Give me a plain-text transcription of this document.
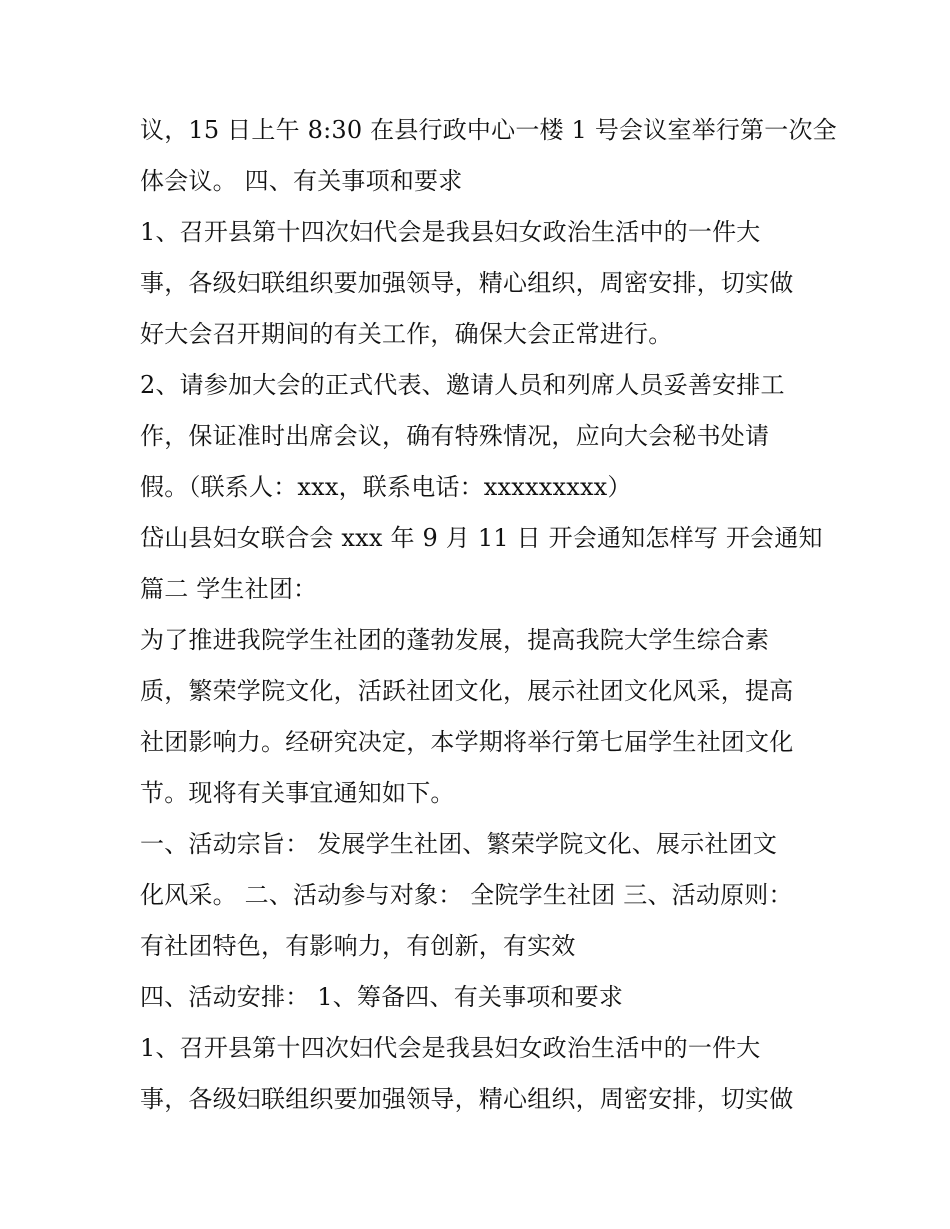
议，15 日上午 8:30 在县行政中心一楼 1 号会议室举行第一次全
体会议。 四、有关事项和要求
1、召开县第十四次妇代会是我县妇女政治生活中的一件大
事，各级妇联组织要加强领导，精心组织，周密安排，切实做
好大会召开期间的有关工作，确保大会正常进行。
2、请参加大会的正式代表、邀请人员和列席人员妥善安排工
作，保证准时出席会议，确有特殊情况，应向大会秘书处请
假。（联系人：xxx，联系电话：xxxxxxxxx）
岱山县妇女联合会 xxx 年 9 月 11 日 开会通知怎样写 开会通知
篇二 学生社团：
为了推进我院学生社团的蓬勃发展，提高我院大学生综合素
质，繁荣学院文化，活跃社团文化，展示社团文化风采，提高
社团影响力。经研究决定，本学期将举行第七届学生社团文化
节。现将有关事宜通知如下。
一、活动宗旨： 发展学生社团、繁荣学院文化、展示社团文
化风采。 二、活动参与对象： 全院学生社团 三、活动原则：
有社团特色，有影响力，有创新，有实效
四、活动安排： 1、筹备四、有关事项和要求
1、召开县第十四次妇代会是我县妇女政治生活中的一件大
事，各级妇联组织要加强领导，精心组织，周密安排，切实做
